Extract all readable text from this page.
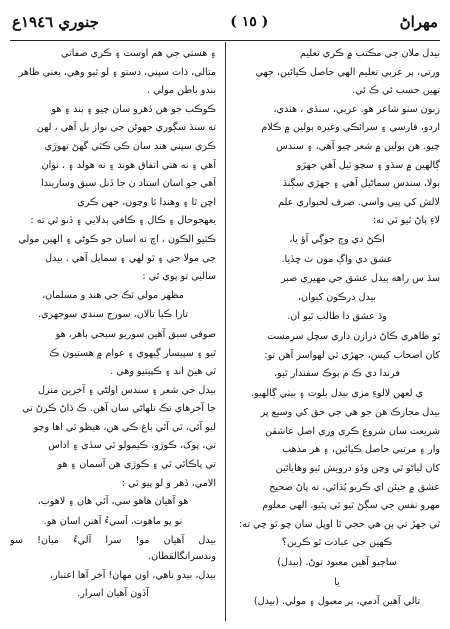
جنوري ١٩٤٦ع	( ١٥ )	مهراڻ

بيدل ملان جي مڪتب ۾ ڪري تعليم

ورتي، ٻر عربي تعليم الهي حاصل ڪيائين، جهي

تهين حسب ئي ڪ ئي.

زبون سٺو شاعر هو. عربي، سنڌي ، هندي،

اردو، فارسي ۽ سرائڪي وغيره ٻولين ۾ ڪلام

چيو. هن ٻولين ۾ شعر چيو آهي، ۽ سندس

ڳالهين ۾ سڌو ۽ سڃو ٿيل آهي جهڙو

بولا، سندس سماڻيل آهي ۽ جهڙي سڳنڌ

لالش کي پيي واسي. صرف لحبواري علم

لاءِ ٻاڻ ٿيو ٿي ته:

اڪڻ دي وچ جوڳي آؤ يا،

عشق دي واڳ مون ٺ ڇڏيا.

سڌ س راهه ٻيدل عشق جي مهيري صبر

بيدل درڪون کيوان،

وڌ عشق دا طالب ٿيو ان.

ٿو ظاهري ڪاڻ درازن داري سچل سرمست

کان اصحاب کيس، جهڙي ٿي لهواسر آهن تو:

فرندا دي ڪ م ٻوڪ سفندار ٿيو،

ي لعهن لالوءِ مزي بيدل بلوت ۽ بيٺي ڳالهيو.

بيدل مجازڪ هن جو هي جي حق کي وسيع پر

شريعت سان شروع ڪري وري اصل عاشقن

وار ۽ مرتبي حاصل ڪيائين، ۽ هر مذهب

کان لياڻو ٿي وڃن وڏو درويش ٿيو وهايائين

عشق ۾ جيئن اي ڪريو ٻُڌائي، ته پاڻ صحيح

مهرو نفس جي سڳڻ ٿيو ٿي پٽيو. الهي معلوم

ٿي جهڙ تي ٻن هي حجي ٿا اوپل سان چو ٿو چي ته:

ڪهين جي عبادت ٿو ڪرين؟

ساڄيو آهين معبود توڻ. (بيدل)

يا

تالي آهين آدمي، ٻر معبول ۽ مولي. (بيدل)

۽ هستي جي هم اوست ۽ ڪري صفاتي

متالي، ذات سڀني، دستو ۽ لو ٿيو وهي، يعني ظاهر

بندو باطن مولي .

ڪوڪب جو هن ڏهرو سان چيو ۽ بند ۽ هو

ته سنڌ سڳوري جهوڻن جي نواز ٻل آهي ، لهن

ڪري سڀني هند سان ڪي ڪٿي گهڻ تهوڙي

آهي ۽ نه هتي اتفاق هوند ۽ نه هولد ۽ ، نوان

آهي جو اسان استاد ن جا ڏنل سبق وساريندا

اچن ٿا ۽ وهندا ٿا وڃون، جهن ڪري

يعهجوحال ۽ ڪال ۽ ڪافي ٻدلايي ۽ ڏنو ٿي ته :

ڪٽيو الڪون ، اچ ته اسان جو ڪوڻي ۽ الهين مولي

جي مولا جي ۽ ٿو لهي ۽ سمايل آهي . بيدل

ساليي تو پوي ٿي :

مظهر مولي ٽڪ جي هند و مسلمان،

تارا ڪيا تالان، سورج سندي سوجهري.

صوفي سبق آهين سوريو سيحي ٻاهر، هو

ٿيو ۽ سپيسار ڳيهوي ۽ عوام ۾ هستيون ڪ

ٿي هيڻ اند ۽ ڪپيتيو وهي .

بيدل جي شعر ۽ سندس اولڻي ۽ آخرين منزل

جا آخرهاي تڪ تلهاڻي سان آهن. ڪ ڌاڻ ڪرڻ تي

ليو آئي، ٿي آئي ٻاغ ڪي هن، هيظو ٿي اها وڃو

تي، پوک، ڪوڙو، ڪيمولو ٿي سڏي ۽ اداس

تي پاڪائي ٿي ۽ ڪوڙي هن آسمان ۽ هو

الامي، ڏهر و لو پيو ٿي :

هو آهيان هاهو سي، آئي هان ۽ لاهوب،

نو ڀو ماهوت، آسيءُ آهنن اسان هو.

بيدل آهيان مو! سرا آليءُ ميان! سو وندسرانگالقطان.

بيدل، بيدو ناهي، اون مهان! آخر آها اعتبار،

آڏون آهيان اسرار.
